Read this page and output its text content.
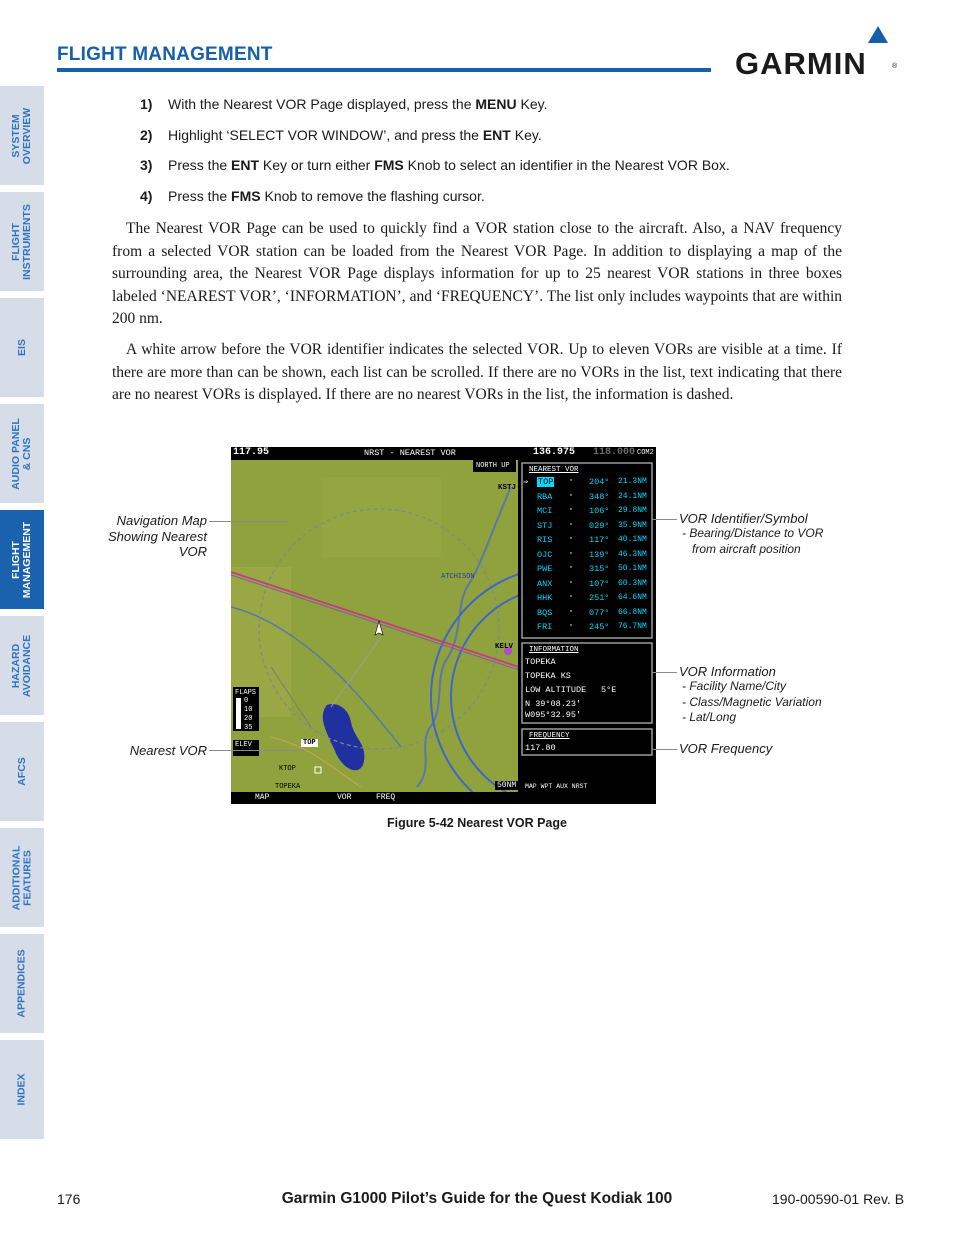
FLIGHT MANAGEMENT	GARMIN	®
SYSTEM
OVERVIEW
FLIGHT
INSTRUMENTS
EIS
AUDIO PANEL
& CNS
FLIGHT
MANAGEMENT
HAZARD
AVOIDANCE
AFCS
ADDITIONAL
FEATURES
APPENDICES
INDEX
1) With the Nearest VOR Page displayed, press the MENU Key.
2) Highlight ‘SELECT VOR WINDOW’, and press the ENT Key.
3) Press the ENT Key or turn either FMS Knob to select an identifier in the Nearest VOR Box.
4) Press the FMS Knob to remove the flashing cursor.

The Nearest VOR Page can be used to quickly find a VOR station close to the aircraft. Also, a NAV frequency from a selected VOR station can be loaded from the Nearest VOR Page. In addition to displaying a map of the surrounding area, the Nearest VOR Page displays information for up to 25 nearest VOR stations in three boxes labeled ‘NEAREST VOR’, ‘INFORMATION’, and ‘FREQUENCY’. The list only includes waypoints that are within 200 nm.

A white arrow before the VOR identifier indicates the selected VOR. Up to eleven VORs are visible at a time. If there are more than can be shown, each list can be scrolled. If there are no VORs in the list, text indicating that there are no nearest VORs is displayed. If there are no nearest VORs in the list, the information is dashed.

117.95	NRST - NEAREST VOR	136.975 118.000 COM2
NORTH UP	NEAREST VOR
⇒ TOP ▫ 204° 21.3NM
RBA ▫ 348° 24.1NM
MCI ▫ 106° 29.8NM
STJ ▫ 029° 35.9NM
RIS ▫ 117° 40.1NM
OJC ▫ 139° 46.3NM
PWE ▫ 315° 50.1NM
ANX ▫ 107° 60.3NM
HHK ▫ 251° 64.6NM
BQS ▫ 077° 66.8NM
FRI ▫ 245° 76.7NM
INFORMATION
TOPEKA
TOPEKA KS
LOW ALTITUDE 5°E
N 39°08.23'
W095°32.95'
FREQUENCY
117.80
KSTJ
ATCHISON
KELV
TOP
KTOP
TOPEKA
FLAPS
0
10
20
35
ELEV
50NM
MAP	VOR	FREQ
MAP WPT AUX NRST
Navigation Map
Showing Nearest
VOR
Nearest VOR
VOR Identifier/Symbol
- Bearing/Distance to VOR
from aircraft position
VOR Information
- Facility Name/City
- Class/Magnetic Variation
- Lat/Long
VOR Frequency
Figure 5-42 Nearest VOR Page
176	Garmin G1000 Pilot’s Guide for the Quest Kodiak 100	190-00590-01 Rev. B
